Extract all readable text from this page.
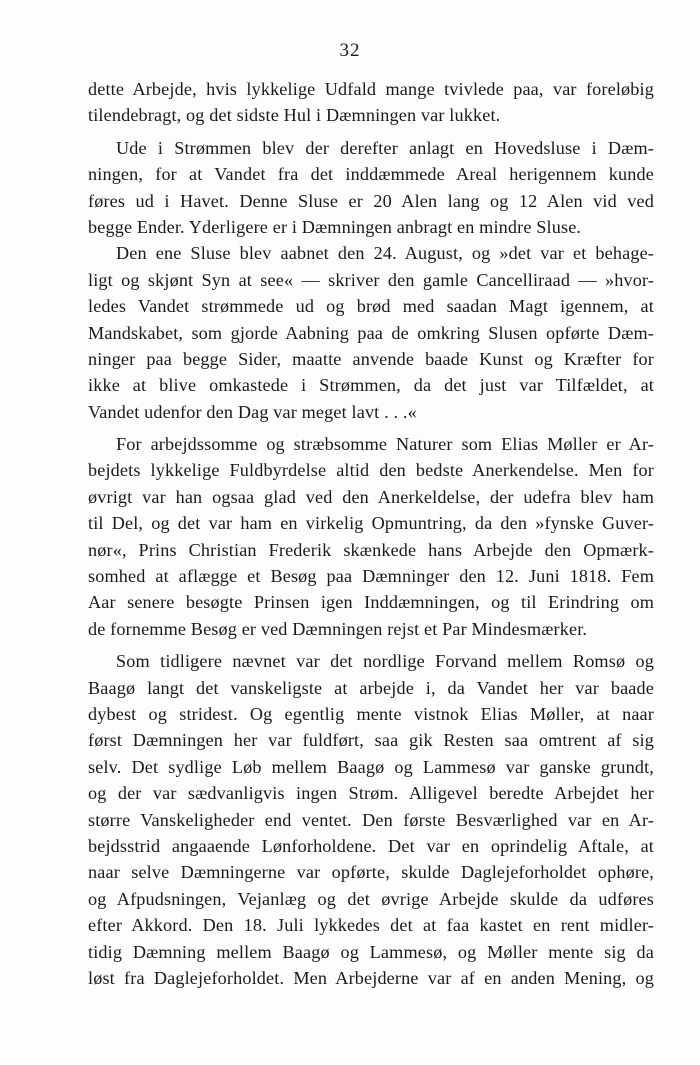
32
dette Arbejde, hvis lykkelige Udfald mange tvivlede paa, var foreløbig
tilendebragt, og det sidste Hul i Dæmningen var lukket.
Ude i Strømmen blev der derefter anlagt en Hovedsluse i Dæm-
ningen, for at Vandet fra det inddæmmede Areal herigennem kunde
føres ud i Havet. Denne Sluse er 20 Alen lang og 12 Alen vid ved
begge Ender. Yderligere er i Dæmningen anbragt en mindre Sluse.
Den ene Sluse blev aabnet den 24. August, og »det var et behage-
ligt og skjønt Syn at see« — skriver den gamle Cancelliraad — »hvor-
ledes Vandet strømmede ud og brød med saadan Magt igennem, at
Mandskabet, som gjorde Aabning paa de omkring Slusen opførte Dæm-
ninger paa begge Sider, maatte anvende baade Kunst og Kræfter for
ikke at blive omkastede i Strømmen, da det just var Tilfældet, at
Vandet udenfor den Dag var meget lavt . . .«
For arbejdssomme og stræbsomme Naturer som Elias Møller er Ar-
bejdets lykkelige Fuldbyrdelse altid den bedste Anerkendelse. Men for
øvrigt var han ogsaa glad ved den Anerkeldelse, der udefra blev ham
til Del, og det var ham en virkelig Opmuntring, da den »fynske Guver-
nør«, Prins Christian Frederik skænkede hans Arbejde den Opmærk-
somhed at aflægge et Besøg paa Dæmninger den 12. Juni 1818. Fem
Aar senere besøgte Prinsen igen Inddæmningen, og til Erindring om
de fornemme Besøg er ved Dæmningen rejst et Par Mindesmærker.
Som tidligere nævnet var det nordlige Forvand mellem Romsø og
Baagø langt det vanskeligste at arbejde i, da Vandet her var baade
dybest og stridest. Og egentlig mente vistnok Elias Møller, at naar
først Dæmningen her var fuldført, saa gik Resten saa omtrent af sig
selv. Det sydlige Løb mellem Baagø og Lammesø var ganske grundt,
og der var sædvanligvis ingen Strøm. Alligevel beredte Arbejdet her
større Vanskeligheder end ventet. Den første Besværlighed var en Ar-
bejdsstrid angaaende Lønforholdene. Det var en oprindelig Aftale, at
naar selve Dæmningerne var opførte, skulde Daglejeforholdet ophøre,
og Afpudsningen, Vejanlæg og det øvrige Arbejde skulde da udføres
efter Akkord. Den 18. Juli lykkedes det at faa kastet en rent midler-
tidig Dæmning mellem Baagø og Lammesø, og Møller mente sig da
løst fra Daglejeforholdet. Men Arbejderne var af en anden Mening, og
